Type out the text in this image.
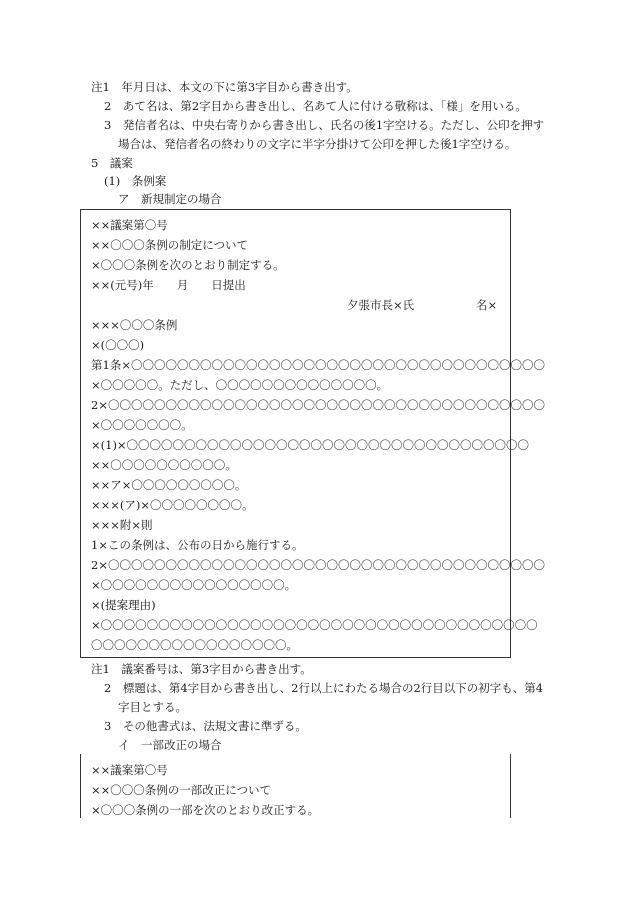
注1　年月日は、本文の下に第3字目から書き出す。
2　あて名は、第2字目から書き出し、名あて人に付ける敬称は、「様」を用いる。
3　発信者名は、中央右寄りから書き出し、氏名の後1字空ける。ただし、公印を押す
場合は、発信者名の終わりの文字に半字分掛けて公印を押した後1字空ける。
5　議案
(1)　条例案
ア　新規制定の場合
××議案第〇号
××〇〇〇条例の制定について
×〇〇〇条例を次のとおり制定する。
××(元号)年　　月　　日提出
夕張市長×氏	名×
×××〇〇〇条例
×(〇〇〇)
第1条×〇〇〇〇〇〇〇〇〇〇〇〇〇〇〇〇〇〇〇〇〇〇〇〇〇〇〇〇〇〇〇〇〇〇〇〇
×〇〇〇〇〇。ただし、〇〇〇〇〇〇〇〇〇〇〇〇〇〇。
2×〇〇〇〇〇〇〇〇〇〇〇〇〇〇〇〇〇〇〇〇〇〇〇〇〇〇〇〇〇〇〇〇〇〇〇〇〇〇
×〇〇〇〇〇〇〇。
×(1)×〇〇〇〇〇〇〇〇〇〇〇〇〇〇〇〇〇〇〇〇〇〇〇〇〇〇〇〇〇〇〇〇〇〇〇
××〇〇〇〇〇〇〇〇〇〇。
××ア×〇〇〇〇〇〇〇〇〇。
×××(ア)×〇〇〇〇〇〇〇〇。
×××附×則
1×この条例は、公布の日から施行する。
2×〇〇〇〇〇〇〇〇〇〇〇〇〇〇〇〇〇〇〇〇〇〇〇〇〇〇〇〇〇〇〇〇〇〇〇〇〇〇
×〇〇〇〇〇〇〇〇〇〇〇〇〇〇〇〇。
×(提案理由)
×〇〇〇〇〇〇〇〇〇〇〇〇〇〇〇〇〇〇〇〇〇〇〇〇〇〇〇〇〇〇〇〇〇〇〇〇〇〇
〇〇〇〇〇〇〇〇〇〇〇〇〇〇〇〇〇。
注1　議案番号は、第3字目から書き出す。
2　標題は、第4字目から書き出し、2行以上にわたる場合の2行目以下の初字も、第4
字目とする。
3　その他書式は、法規文書に準ずる。
イ　一部改正の場合
××議案第〇号
××〇〇〇条例の一部改正について
×〇〇〇条例の一部を次のとおり改正する。
